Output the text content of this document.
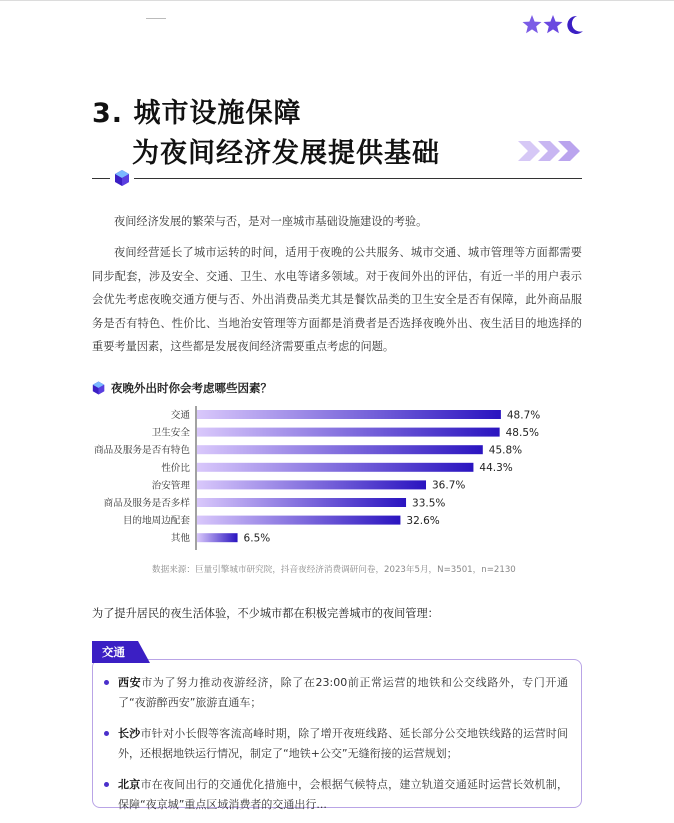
3. 城市设施保障
为夜间经济发展提供基础

夜间经济发展的繁荣与否，是对一座城市基础设施建设的考验。

夜间经营延长了城市运转的时间，适用于夜晚的公共服务、城市交通、城市管理等方面都需要同步配套，涉及安全、交通、卫生、水电等诸多领域。对于夜间外出的评估，有近一半的用户表示会优先考虑夜晚交通方便与否、外出消费品类尤其是餐饮品类的卫生安全是否有保障，此外商品服务是否有特色、性价比、当地治安管理等方面都是消费者是否选择夜晚外出、夜生活目的地选择的重要考量因素，这些都是发展夜间经济需要重点考虑的问题。

夜晚外出时你会考虑哪些因素？
交通	48.7%
卫生安全	48.5%
商品及服务是否有特色	45.8%
性价比	44.3%
治安管理	36.7%
商品及服务是否多样	33.5%
目的地周边配套	32.6%
其他	6.5%
数据来源：巨量引擎城市研究院，抖音夜经济消费调研问卷，2023年5月，N=3501，n=2130

为了提升居民的夜生活体验，不少城市都在积极完善城市的夜间管理：

交通
西安市为了努力推动夜游经济，除了在23:00前正常运营的地铁和公交线路外，专门开通了“夜游醉西安”旅游直通车；
长沙市针对小长假等客流高峰时期，除了增开夜班线路、延长部分公交地铁线路的运营时间外，还根据地铁运行情况，制定了“地铁+公交”无缝衔接的运营规划；
北京市在夜间出行的交通优化措施中，会根据气候特点，建立轨道交通延时运营长效机制，保障“夜京城”重点区域消费者的交通出行...
